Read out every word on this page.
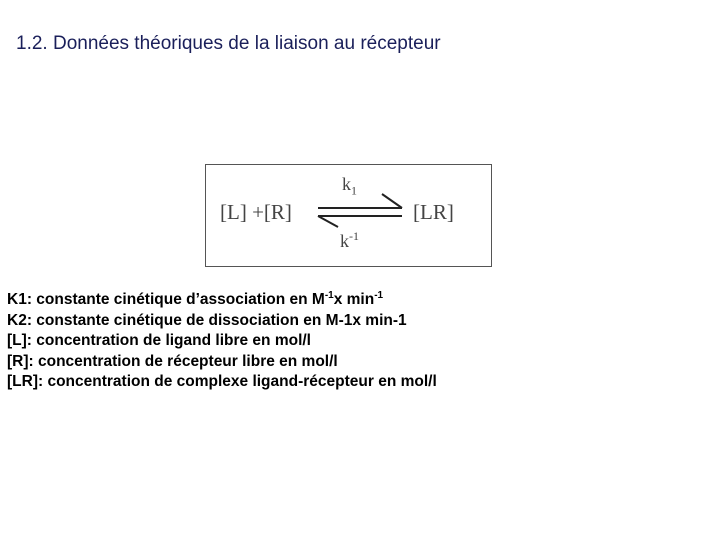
1.2. Données théoriques de la liaison au récepteur
[L] +[R]
$k_1$
[LR]
$k^{-1}$
K1: constante cinétique d’association en $M^{-1}x$ $\min^{-1}$
K2: constante cinétique de dissociation en M-1x min-1
[L]: concentration de ligand libre en mol/l
[R]: concentration de récepteur libre en mol/l
[LR]: concentration de complexe ligand-récepteur en mol/l
